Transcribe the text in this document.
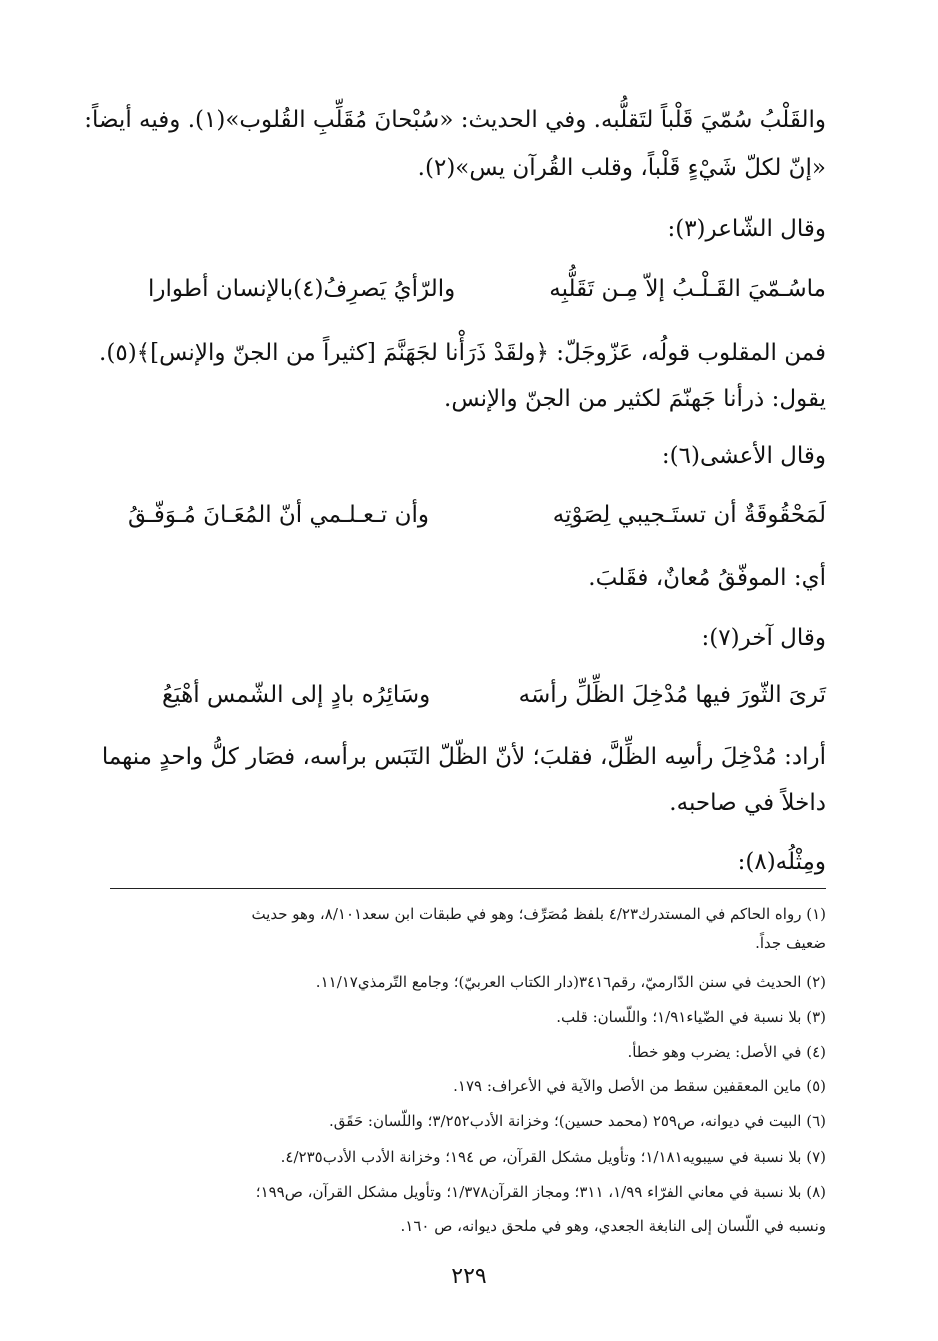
والقَلْبُ سُمّيَ قَلْباً لتَقلُّبه. وفي الحديث: «سُبْحانَ مُقَلِّبِ القُلوب»(١). وفيه أيضاً:
«إنّ لكلّ شَيْءٍ قَلْباً، وقلب القُرآن يس»(٢).
وقال الشّاعر(٣):
ماسُـمّيَ القَـلْـبُ إلاّ مِـن تَقَلُّبِه
والرّأيُ يَصرِفُ(٤)بالإنسان أطوارا
فمن المقلوب قولُه، عَزّوجَلّ: ﴿ولقَدْ ذَرَأْنا لجَهَنَّمَ [كثيراً من الجنّ والإنس]﴾(٥).
يقول: ذرأنا جَهنّمَ لكثير من الجنّ والإنس.
وقال الأعشى(٦):
لَمَحْقُوقَةٌ أن تستَـجيبي لِصَوْتِه
وأن تـعـلـمي أنّ المُعَـانَ مُـوَفّـقُ
أي: الموفّقُ مُعانٌ، فقَلبَ.
وقال آخر(٧):
تَرىَ الثّورَ فيها مُدْخِلَ الظِّلِّ رأسَه
وسَائِرُه بادٍ إلى الشّمس أهْيَعُ
أراد: مُدْخِلَ رأسِه الظِّلَّ، فقلبَ؛ لأنّ الظّلّ التَبَس برأسه، فصَار كلُّ واحدٍ منهما
داخلاً في صاحبه.
ومِثْلُه(٨):
(١) رواه الحاكم في المستدرك٤/٢٣ بلفظ مُصَرِّف؛ وهو في طبقات ابن سعد٨/١٠١، وهو حديث
ضعيف جداً.
(٢) الحديث في سنن الدّارميّ، رقم٣٤١٦(دار الكتاب العربيّ)؛ وجامع التّرمذي١١/١٧.
(٣) بلا نسبة في الضّياء١/٩١؛ واللّسان: قلب.
(٤) في الأصل: يضرب وهو خطأ.
(٥) ماين المعقفين سقط من الأصل والآية في الأعراف: ١٧٩.
(٦) البيت في ديوانه، ص٢٥٩ (محمد حسين)؛ وخزانة الأدب٣/٢٥٢؛ واللّسان: حَقَق.
(٧) بلا نسبة في سيبويه١/١٨١؛ وتأويل مشكل القرآن، ص ١٩٤؛ وخزانة الأدب الأدب٤/٢٣٥.
(٨) بلا نسبة في معاني الفرّاء ١/٩٩، ٣١١؛ ومجاز القرآن١/٣٧٨؛ وتأويل مشكل القرآن، ص١٩٩؛
ونسبه في اللّسان إلى النابغة الجعدي، وهو في ملحق ديوانه، ص ١٦٠.
٢٢٩
